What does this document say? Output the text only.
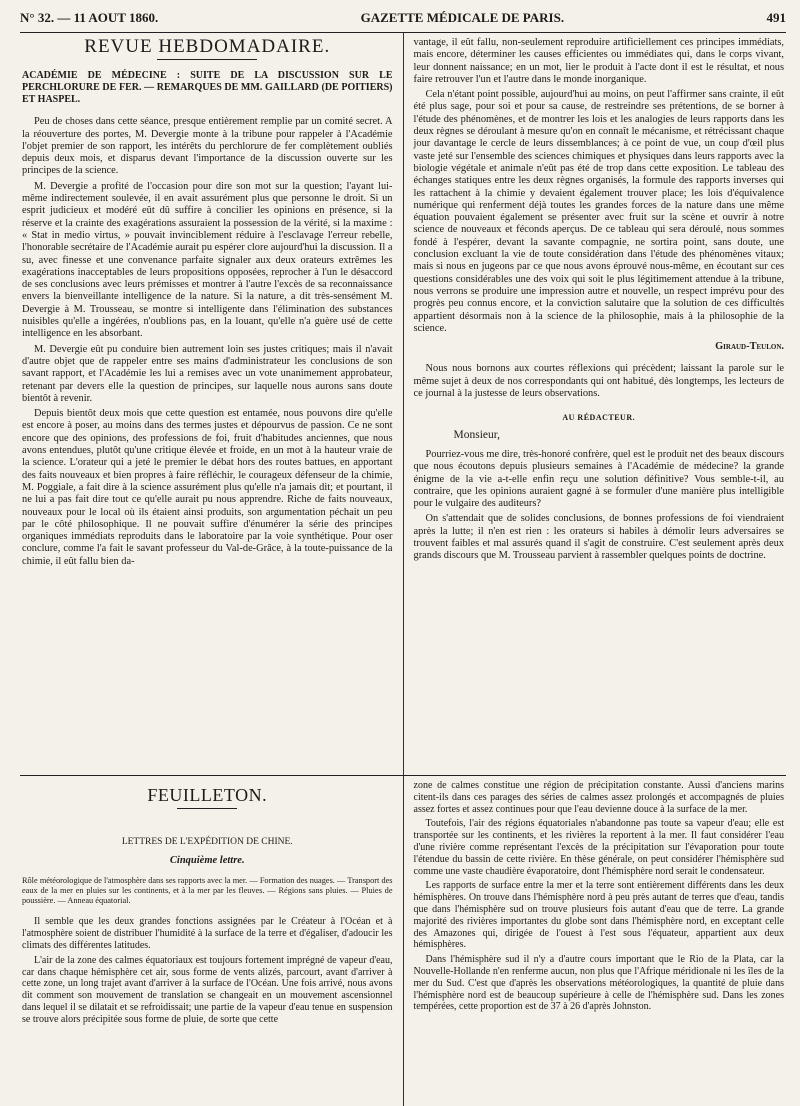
N° 32. — 11 AOUT 1860.	GAZETTE MÉDICALE DE PARIS.	491
REVUE HEBDOMADAIRE.
ACADÉMIE DE MÉDECINE : SUITE DE LA DISCUSSION SUR LE PERCHLORURE DE FER. — REMARQUES DE MM. GAILLARD (DE POITIERS) ET HASPEL.

Peu de choses dans cette séance, presque entièrement remplie par un comité secret. A la réouverture des portes, M. Devergie monte à la tribune pour rappeler à l'Académie l'objet premier de son rapport, les intérêts du perchlorure de fer complètement oubliés depuis deux mois, et disparus devant l'importance de la discussion ouverte sur les principes de la science.

M. Devergie a profité de l'occasion pour dire son mot sur la question; l'ayant lui-même indirectement soulevée, il en avait assurément plus que personne le droit. Si un esprit judicieux et modéré eût dû suffire à concilier les opinions en présence, si la réserve et la crainte des exagérations assuraient la possession de la vérité, si la maxime : « Stat in medio virtus, » pouvait invinciblement réduire à l'esclavage l'erreur rebelle, l'honorable secrétaire de l'Académie aurait pu espérer clore aujourd'hui la discussion. Il a su, avec finesse et une convenance parfaite signaler aux deux orateurs extrêmes les exagérations inacceptables de leurs propositions opposées, reprocher à l'un le désaccord de ses conclusions avec leurs prémisses et montrer à l'autre l'excès de sa reconnaissance envers la bienveillante intelligence de la nature. Si la nature, a dit très-sensément M. Devergie à M. Trousseau, se montre si intelligente dans l'élimination des substances nuisibles qu'elle a ingérées, n'oublions pas, en la louant, qu'elle n'a guère usé de cette intelligence en les absorbant.

M. Devergie eût pu conduire bien autrement loin ses justes critiques; mais il n'avait d'autre objet que de rappeler entre ses mains d'administrateur les conclusions de son savant rapport, et l'Académie les lui a remises avec un vote unanimement approbateur, retenant par devers elle la question de principes, sur laquelle nous aurons sans doute bientôt à revenir.

Depuis bientôt deux mois que cette question est entamée, nous pouvons dire qu'elle est encore à poser, au moins dans des termes justes et dépourvus de passion. Ce ne sont encore que des opinions, des professions de foi, fruit d'habitudes anciennes, que nous avons entendues, plutôt qu'une critique élevée et froide, en un mot à la hauteur vraie de la science. L'orateur qui a jeté le premier le débat hors des routes battues, en apportant des faits nouveaux et bien propres à faire réfléchir, le courageux défenseur de la chimie, M. Poggiale, a fait dire à la science assurément plus qu'elle n'a jamais dit; et pourtant, il ne lui a pas fait dire tout ce qu'elle aurait pu nous apprendre. Riche de faits nouveaux, nouveaux pour le local où ils étaient ainsi produits, son argumentation péchait un peu par le côté philosophique. Il ne pouvait suffire d'énumérer la série des principes organiques immédiats reproduits dans le laboratoire par la voie synthétique. Pour oser conclure, comme l'a fait le savant professeur du Val-de-Grâce, à la toute-puissance de la chimie, il eût fallu bien da-

vantage, il eût fallu, non-seulement reproduire artificiellement ces principes immédiats, mais encore, déterminer les causes efficientes ou immédiates qui, dans le corps vivant, leur donnent naissance; en un mot, lier le produit à l'acte dont il est le résultat, et nous faire retrouver l'un et l'autre dans le monde inorganique.

Cela n'étant point possible, aujourd'hui au moins, on peut l'affirmer sans crainte, il eût été plus sage, pour soi et pour sa cause, de restreindre ses prétentions, de se borner à l'étude des phénomènes, et de montrer les lois et les analogies de leurs rapports dans les deux règnes se déroulant à mesure qu'on en connaît le mécanisme, et rétrécissant chaque jour davantage le cercle de leurs dissemblances; à ce point de vue, un coup d'œil plus vaste jeté sur l'ensemble des sciences chimiques et physiques dans leurs rapports avec la biologie végétale et animale n'eût pas été de trop dans cette exposition. Le tableau des échanges statiques entre les deux règnes organisés, la formule des rapports inverses qui les rattachent à la chimie y devaient également trouver place; les lois d'équivalence numérique qui renferment déjà toutes les grandes forces de la nature dans une même équation pouvaient également se présenter avec fruit sur la scène et ouvrir à notre science de nouveaux et féconds aperçus. De ce tableau qui sera déroulé, nous sommes fondé à l'espérer, devant la savante compagnie, ne sortira point, sans doute, une conclusion excluant la vie de toute considération dans l'étude des phénomènes vitaux; mais si nous en jugeons par ce que nous avons éprouvé nous-même, en écoutant sur ces questions considérables une des voix qui soit le plus légitimement attendue à la tribune, nous verrons se produire une impression autre et nouvelle, un respect imprévu pour des progrès peu connus encore, et la conviction salutaire que la solution de ces difficultés appartient désormais non à la science de la philosophie, mais à la philosophie de la science.

Giraud-Teulon.

Nous nous bornons aux courtes réflexions qui précèdent; laissant la parole sur le même sujet à deux de nos correspondants qui ont habitué, dès longtemps, les lecteurs de ce journal à la justesse de leurs observations.

AU RÉDACTEUR.
Monsieur,

Pourriez-vous me dire, très-honoré confrère, quel est le produit net des beaux discours que nous écoutons depuis plusieurs semaines à l'Académie de médecine? la grande énigme de la vie a-t-elle enfin reçu une solution définitive? Vous semble-t-il, au contraire, que les opinions auraient gagné à se formuler d'une manière plus intelligible pour le vulgaire des auditeurs?

On s'attendait que de solides conclusions, de bonnes professions de foi viendraient après la lutte; il n'en est rien : les orateurs si habiles à démolir leurs adversaires se trouvent faibles et mal assurés quand il s'agit de construire. C'est seulement après deux grands discours que M. Trousseau parvient à rassembler quelques points de doctrine.

FEUILLETON.
LETTRES DE L'EXPÉDITION DE CHINE.
Cinquième lettre.

Rôle météorologique de l'atmosphère dans ses rapports avec la mer. — Formation des nuages. — Transport des eaux de la mer en pluies sur les continents, et à la mer par les fleuves. — Régions sans pluies. — Pluies de poussière. — Anneau équatorial.

Il semble que les deux grandes fonctions assignées par le Créateur à l'Océan et à l'atmosphère soient de distribuer l'humidité à la surface de la terre et d'égaliser, d'adoucir les climats des différentes latitudes.

L'air de la zone des calmes équatoriaux est toujours fortement imprégné de vapeur d'eau, car dans chaque hémisphère cet air, sous forme de vents alizés, parcourt, avant d'arriver à cette zone, un long trajet avant d'arriver à la surface de l'Océan. Une fois arrivé, nous avons dit comment son mouvement de translation se changeait en un mouvement ascensionnel dans lequel il se dilatait et se refroidissait; une partie de la vapeur d'eau tenue en suspension se trouve alors précipitée sous forme de pluie, de sorte que cette

zone de calmes constitue une région de précipitation constante. Aussi d'anciens marins citent-ils dans ces parages des séries de calmes assez prolongés et accompagnés de pluies assez fortes et assez continues pour que l'eau devienne douce à la surface de la mer.

Toutefois, l'air des régions équatoriales n'abandonne pas toute sa vapeur d'eau; elle est transportée sur les continents, et les rivières la reportent à la mer. Il faut considérer l'eau d'une rivière comme représentant l'excès de la précipitation sur l'évaporation pour toute l'étendue du bassin de cette rivière. En thèse générale, on peut considérer l'hémisphère sud comme une vaste chaudière évaporatoire, dont l'hémisphère nord serait le condensateur.

Les rapports de surface entre la mer et la terre sont entièrement différents dans les deux hémisphères. On trouve dans l'hémisphère nord à peu près autant de terres que d'eau, tandis que dans l'hémisphère sud on trouve plusieurs fois autant d'eau que de terre. La grande majorité des rivières importantes du globe sont dans l'hémisphère nord, en exceptant celle des Amazones qui, dirigée de l'ouest à l'est sous l'équateur, appartient aux deux hémisphères.

Dans l'hémisphère sud il n'y a d'autre cours important que le Rio de la Plata, car la Nouvelle-Hollande n'en renferme aucun, non plus que l'Afrique méridionale ni les îles de la mer du Sud. C'est que d'après les observations météorologiques, la quantité de pluie dans l'hémisphère nord est de beaucoup supérieure à celle de l'hémisphère sud. Dans les zones tempérées, cette proportion est de 37 à 26 d'après Johnston.
